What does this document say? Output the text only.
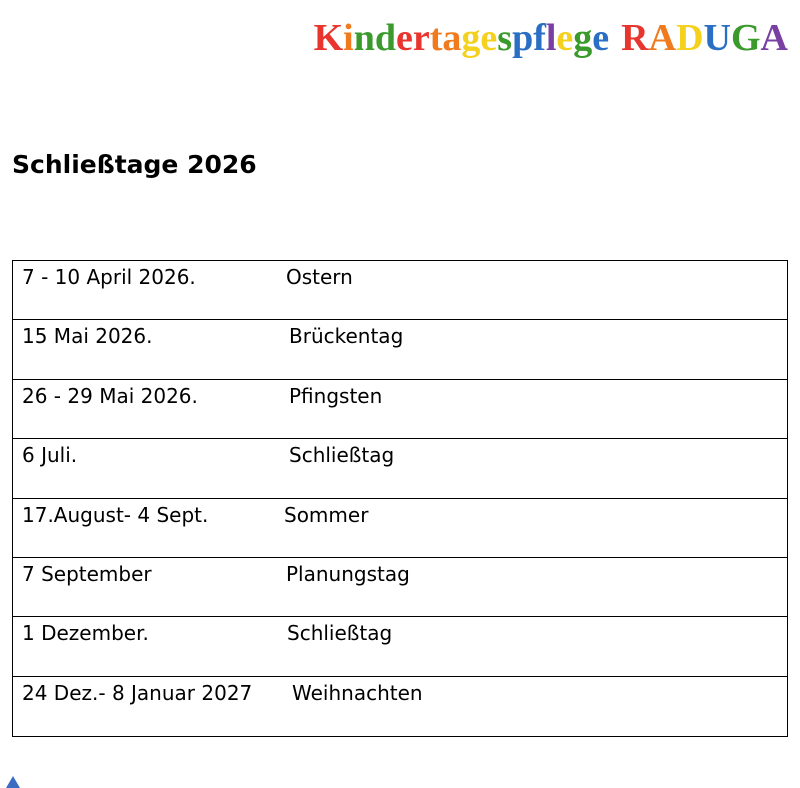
Kindertagespflege RADUGA
Schließtage 2026
7 - 10 April 2026.	Ostern
15 Mai 2026.	Brückentag
26 - 29 Mai 2026.	Pfingsten
6 Juli.	Schließtag
17.August- 4 Sept.	Sommer
7 September	Planungstag
1 Dezember.	Schließtag
24 Dez.- 8 Januar 2027 Weihnachten
